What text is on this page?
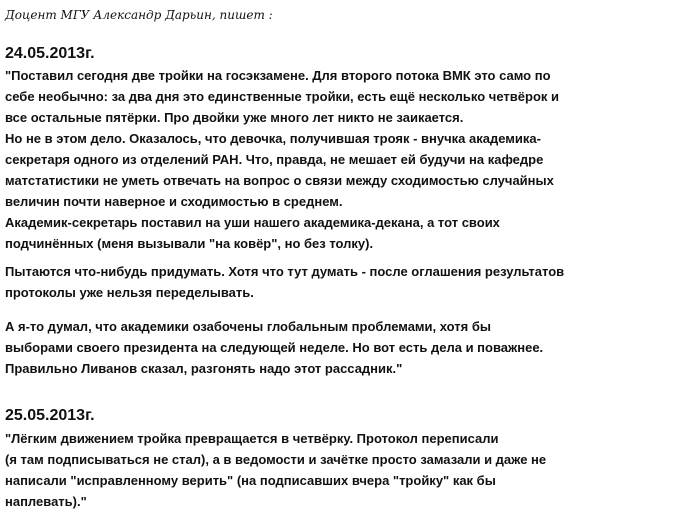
Доцент МГУ Александр Дарьин, пишет :
24.05.2013г.
"Поставил сегодня две тройки на госэкзамене. Для второго потока ВМК это само по
себе необычно: за два дня это единственные тройки, есть ещё несколько четвёрок и
все остальные пятёрки. Про двойки уже много лет никто не заикается.
Но не в этом дело. Оказалось, что девочка, получившая трояк - внучка академика-
секретаря одного из отделений РАН. Что, правда, не мешает ей будучи на кафедре
матстатистики не уметь отвечать на вопрос о связи между сходимостью случайных
величин почти наверное и сходимостью в среднем.
Академик-секретарь поставил на уши нашего академика-декана, а тот своих
подчинённых (меня вызывали "на ковёр", но без толку).
Пытаются что-нибудь придумать. Хотя что тут думать - после оглашения результатов
протоколы уже нельзя переделывать.
А я-то думал, что академики озабочены глобальным проблемами, хотя бы
выборами своего президента на следующей неделе. Но вот есть дела и поважнее.
Правильно Ливанов сказал, разгонять надо этот рассадник."
25.05.2013г.
"Лёгким движением тройка превращается в четвёрку. Протокол переписали
(я там подписываться не стал), а в ведомости и зачётке просто замазали и даже не
написали "исправленному верить" (на подписавших вчера "тройку" как бы
наплевать)."
